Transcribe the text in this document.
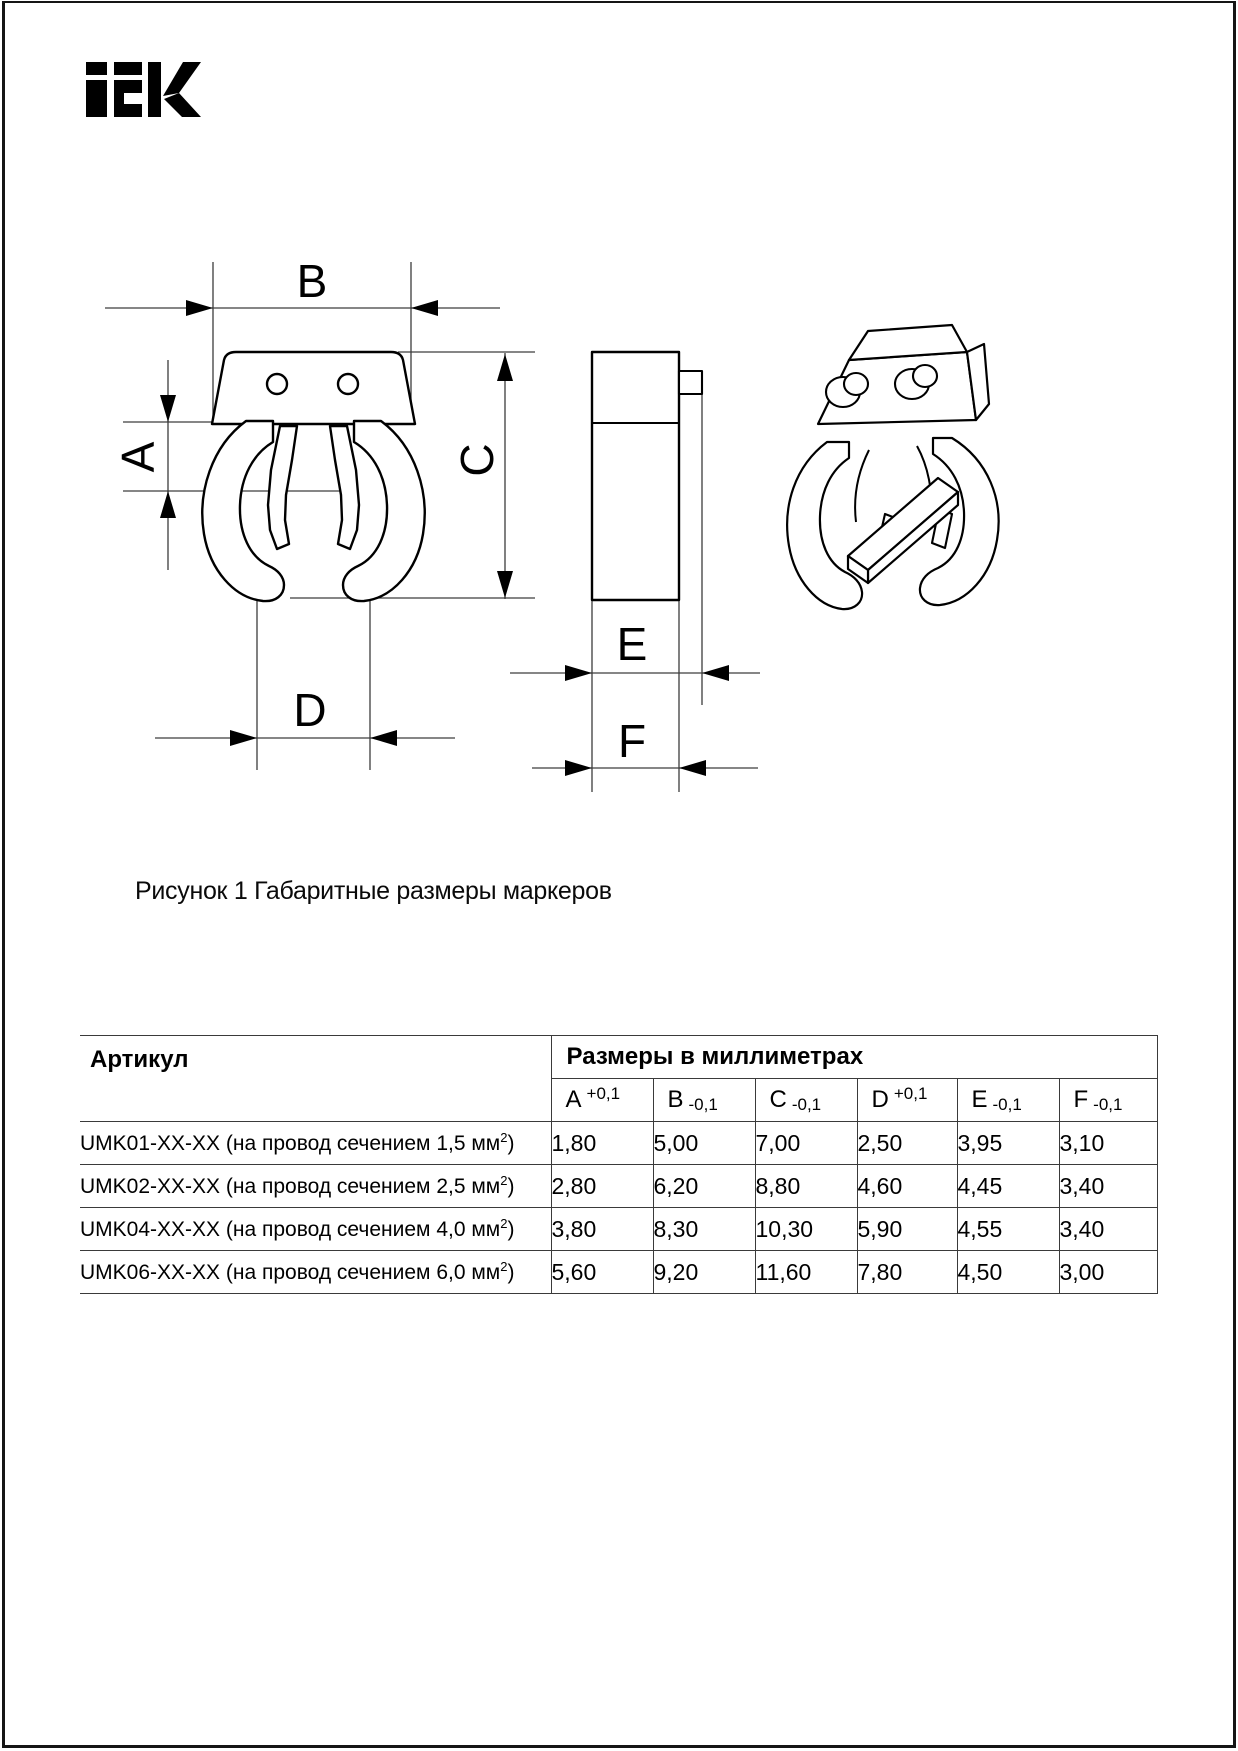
B
A	C
D
E
F
Рисунок 1 Габаритные размеры маркеров
Артикул	Размеры в миллиметрах					
	A $^{+0,1}$	B -0,1	C -0,1	D $^{+0,1}$	E -0,1	F -0,1
UMK01-XX-XX (на провод сечением 1,5 $мм^2$)	1,80	5,00	7,00	2,50	3,95	3,10
UMK02-XX-XX (на провод сечением 2,5 $мм^2$)	2,80	6,20	8,80	4,60	4,45	3,40
UMK04-XX-XX (на провод сечением 4,0 $мм^2$)	3,80	8,30	10,30	5,90	4,55	3,40
UMK06-XX-XX (на провод сечением 6,0 $мм^2$)	5,60	9,20	11,60	7,80	4,50	3,00
